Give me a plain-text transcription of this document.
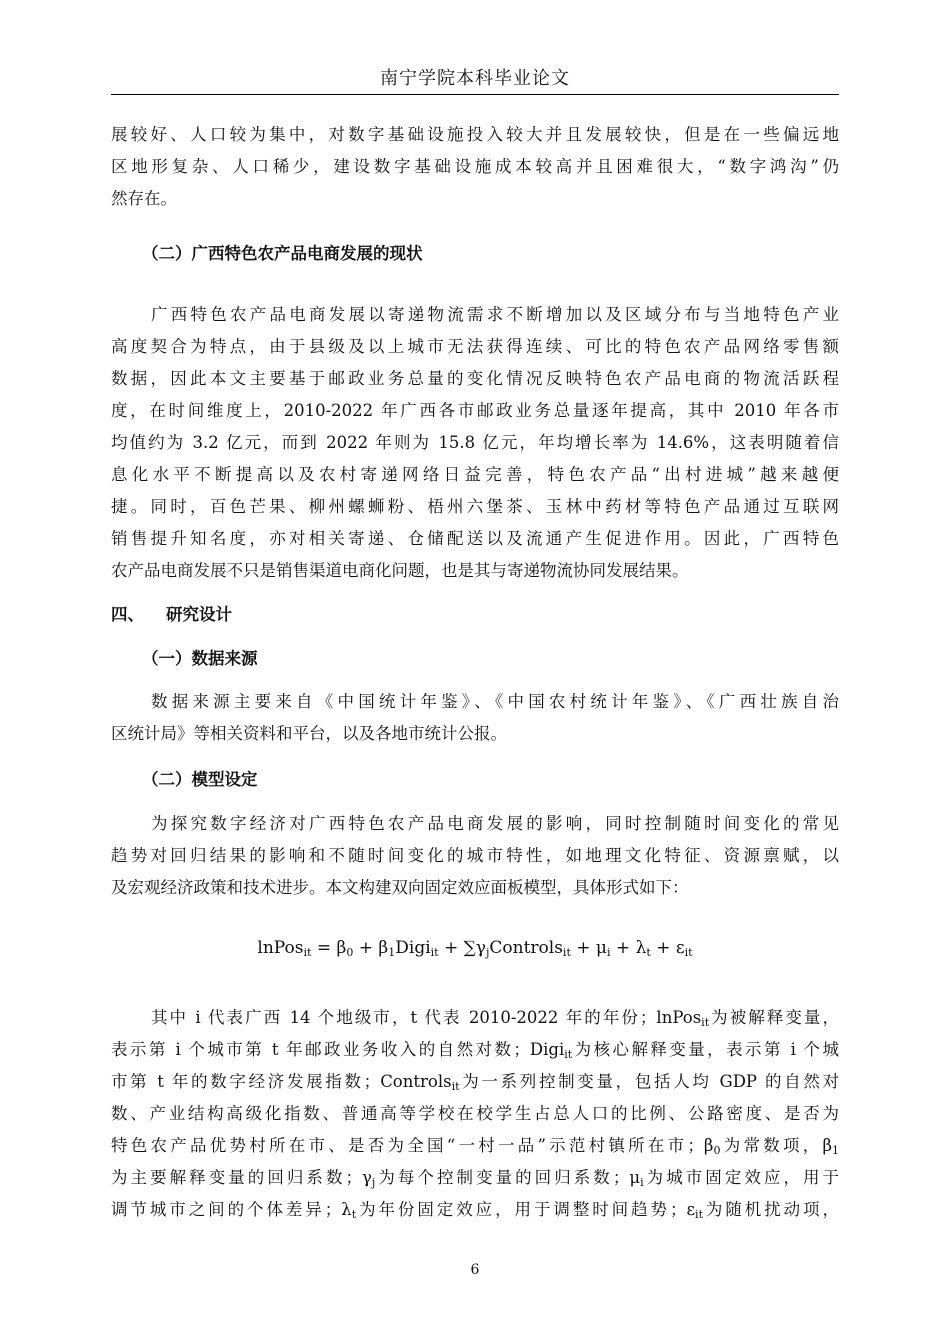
南宁学院本科毕业论文
展较好、人口较为集中，对数字基础设施投入较大并且发展较快，但是在一些偏远地
区地形复杂、人口稀少，建设数字基础设施成本较高并且困难很大，“数字鸿沟”仍
然存在。
（二）广西特色农产品电商发展的现状
广西特色农产品电商发展以寄递物流需求不断增加以及区域分布与当地特色产业
高度契合为特点，由于县级及以上城市无法获得连续、可比的特色农产品网络零售额
数据，因此本文主要基于邮政业务总量的变化情况反映特色农产品电商的物流活跃程
度，在时间维度上，2010-2022 年广西各市邮政业务总量逐年提高，其中 2010 年各市
均值约为 3.2 亿元，而到 2022 年则为 15.8 亿元，年均增长率为 14.6%，这表明随着信
息化水平不断提高以及农村寄递网络日益完善，特色农产品“出村进城”越来越便
捷。同时，百色芒果、柳州螺蛳粉、梧州六堡茶、玉林中药材等特色产品通过互联网
销售提升知名度，亦对相关寄递、仓储配送以及流通产生促进作用。因此，广西特色
农产品电商发展不只是销售渠道电商化问题，也是其与寄递物流协同发展结果。
四、 研究设计
（一）数据来源
数据来源主要来自《中国统计年鉴》、《中国农村统计年鉴》、《广西壮族自治
区统计局》等相关资料和平台，以及各地市统计公报。
（二）模型设定
为探究数字经济对广西特色农产品电商发展的影响，同时控制随时间变化的常见
趋势对回归结果的影响和不随时间变化的城市特性，如地理文化特征、资源禀赋，以
及宏观经济政策和技术进步。本文构建双向固定效应面板模型，具体形式如下：
lnPos$_{it}$ = $\beta_0$ + $\beta_1Digi_{it}$ + $\sum\gamma_jControls_{it} + \mu_i + \lambda_t + \varepsilon_{it}$
其中 i 代表广西 14 个地级市，t 代表 2010-2022 年的年份；lnPos$_{it}$为被解释变量，
表示第 i 个城市第 t 年邮政业务收入的自然对数；Digi$_{it}$为核心解释变量，表示第 i 个城
市第 t 年的数字经济发展指数；Controls$_{it}$为一系列控制变量，包括人均 GDP 的自然对
数、产业结构高级化指数、普通高等学校在校学生占总人口的比例、公路密度、是否为
特色农产品优势村所在市、是否为全国“一村一品”示范村镇所在市；$\beta_0$为常数项，$\beta_1$
为主要解释变量的回归系数；$\gamma_j$为每个控制变量的回归系数；$\mu_i$为城市固定效应，用于
调节城市之间的个体差异；$\lambda_t$为年份固定效应，用于调整时间趋势；$\varepsilon_{it}$为随机扰动项，
6
